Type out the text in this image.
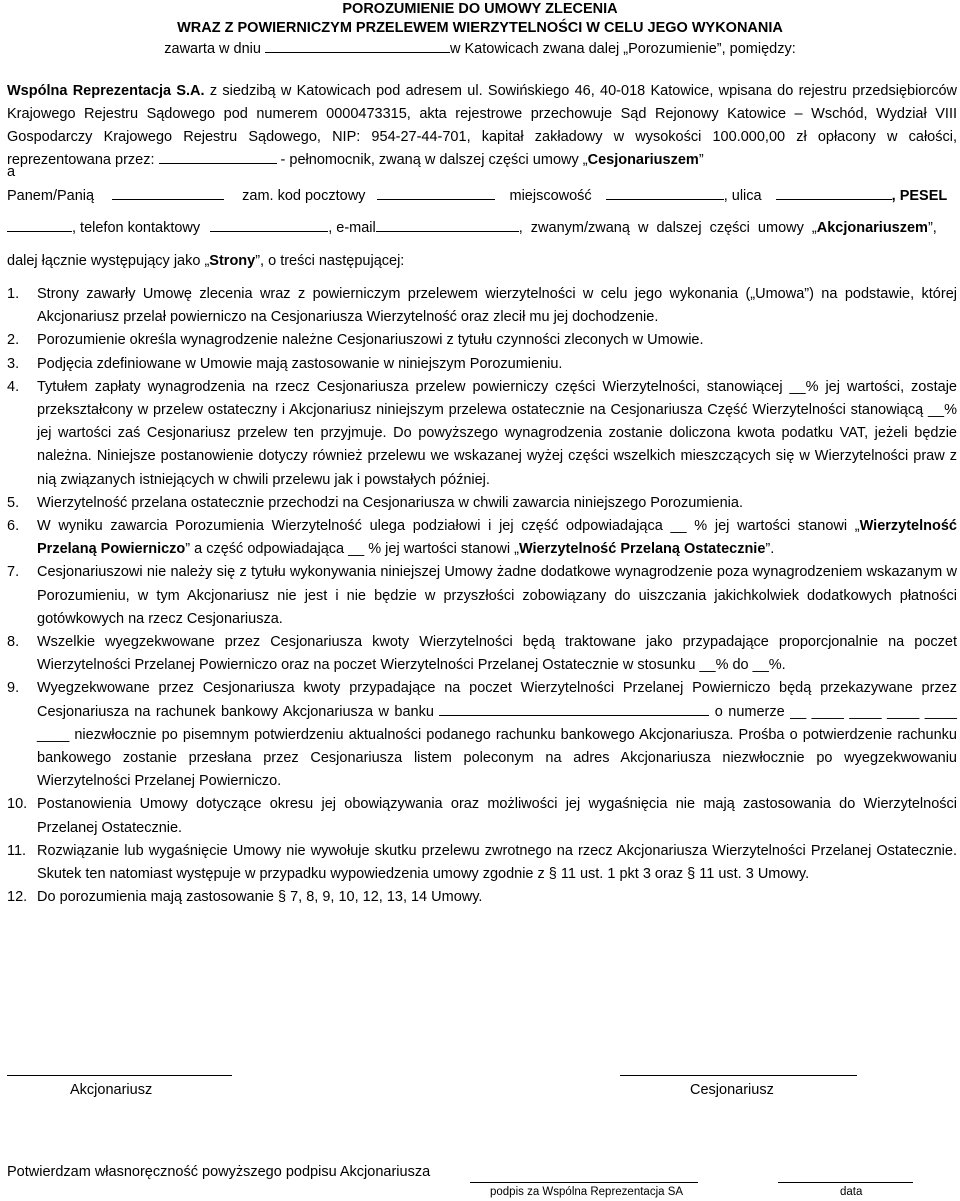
POROZUMIENIE DO UMOWY ZLECENIA
WRAZ Z POWIERNICZYM PRZELEWEM WIERZYTELNOŚCI W CELU JEGO WYKONANIA
zawarta w dniu	w Katowicach zwana dalej „Porozumienie”, pomiędzy:
Wspólna Reprezentacja S.A. z siedzibą w Katowicach pod adresem ul. Sowińskiego 46, 40-018 Katowice, wpisana do rejestru przedsiębiorców Krajowego Rejestru Sądowego pod numerem 0000473315, akta rejestrowe przechowuje Sąd Rejonowy Katowice – Wschód, Wydział VIII Gospodarczy Krajowego Rejestru Sądowego, NIP: 954-27-44-701, kapitał zakładowy w wysokości 100.000,00 zł opłacony w całości, reprezentowana przez:	- pełnomocnik, zwaną w dalszej części umowy „Cesjonariuszem”
a
Panem/Panią	zam. kod pocztowy	miejscowość	, ulica	, PESEL
, telefon kontaktowy	, e-mail	, zwanym/zwaną w dalszej części umowy „Akcjonariuszem”,
dalej łącznie występujący jako „Strony”, o treści następującej:
1. Strony zawarły Umowę zlecenia wraz z powierniczym przelewem wierzytelności w celu jego wykonania („Umowa”) na podstawie, której Akcjonariusz przelał powierniczo na Cesjonariusza Wierzytelność oraz zlecił mu jej dochodzenie.
2. Porozumienie określa wynagrodzenie należne Cesjonariuszowi z tytułu czynności zleconych w Umowie.
3. Podjęcia zdefiniowane w Umowie mają zastosowanie w niniejszym Porozumieniu.
4. Tytułem zapłaty wynagrodzenia na rzecz Cesjonariusza przelew powierniczy części Wierzytelności, stanowiącej __% jej wartości, zostaje przekształcony w przelew ostateczny i Akcjonariusz niniejszym przelewa ostatecznie na Cesjonariusza Część Wierzytelności stanowiącą __% jej wartości zaś Cesjonariusz przelew ten przyjmuje. Do powyższego wynagrodzenia zostanie doliczona kwota podatku VAT, jeżeli będzie należna. Niniejsze postanowienie dotyczy również przelewu we wskazanej wyżej części wszelkich mieszczących się w Wierzytelności praw z nią związanych istniejących w chwili przelewu jak i powstałych później.
5. Wierzytelność przelana ostatecznie przechodzi na Cesjonariusza w chwili zawarcia niniejszego Porozumienia.
6. W wyniku zawarcia Porozumienia Wierzytelność ulega podziałowi i jej część odpowiadająca __ % jej wartości stanowi „Wierzytelność Przelaną Powierniczo” a część odpowiadająca __ % jej wartości stanowi „Wierzytelność Przelaną Ostatecznie”.
7. Cesjonariuszowi nie należy się z tytułu wykonywania niniejszej Umowy żadne dodatkowe wynagrodzenie poza wynagrodzeniem wskazanym w Porozumieniu, w tym Akcjonariusz nie jest i nie będzie w przyszłości zobowiązany do uiszczania jakichkolwiek dodatkowych płatności gotówkowych na rzecz Cesjonariusza.
8. Wszelkie wyegzekwowane przez Cesjonariusza kwoty Wierzytelności będą traktowane jako przypadające proporcjonalnie na poczet Wierzytelności Przelanej Powierniczo oraz na poczet Wierzytelności Przelanej Ostatecznie w stosunku __% do __%.
9. Wyegzekwowane przez Cesjonariusza kwoty przypadające na poczet Wierzytelności Przelanej Powierniczo będą przekazywane przez Cesjonariusza na rachunek bankowy Akcjonariusza w banku	o numerze __ ____ ____ ____ ____ ____ niezwłocznie po pisemnym potwierdzeniu aktualności podanego rachunku bankowego Akcjonariusza. Prośba o potwierdzenie rachunku bankowego zostanie przesłana przez Cesjonariusza listem poleconym na adres Akcjonariusza niezwłocznie po wyegzekwowaniu Wierzytelności Przelanej Powierniczo.
10. Postanowienia Umowy dotyczące okresu jej obowiązywania oraz możliwości jej wygaśnięcia nie mają zastosowania do Wierzytelności Przelanej Ostatecznie.
11. Rozwiązanie lub wygaśnięcie Umowy nie wywołuje skutku przelewu zwrotnego na rzecz Akcjonariusza Wierzytelności Przelanej Ostatecznie. Skutek ten natomiast występuje w przypadku wypowiedzenia umowy zgodnie z § 11 ust. 1 pkt 3 oraz § 11 ust. 3 Umowy.
12. Do porozumienia mają zastosowanie § 7, 8, 9, 10, 12, 13, 14 Umowy.
Akcjonariusz	Cesjonariusz
Potwierdzam własnoręczność powyższego podpisu Akcjonariusza
podpis za Wspólna Reprezentacja SA	data
